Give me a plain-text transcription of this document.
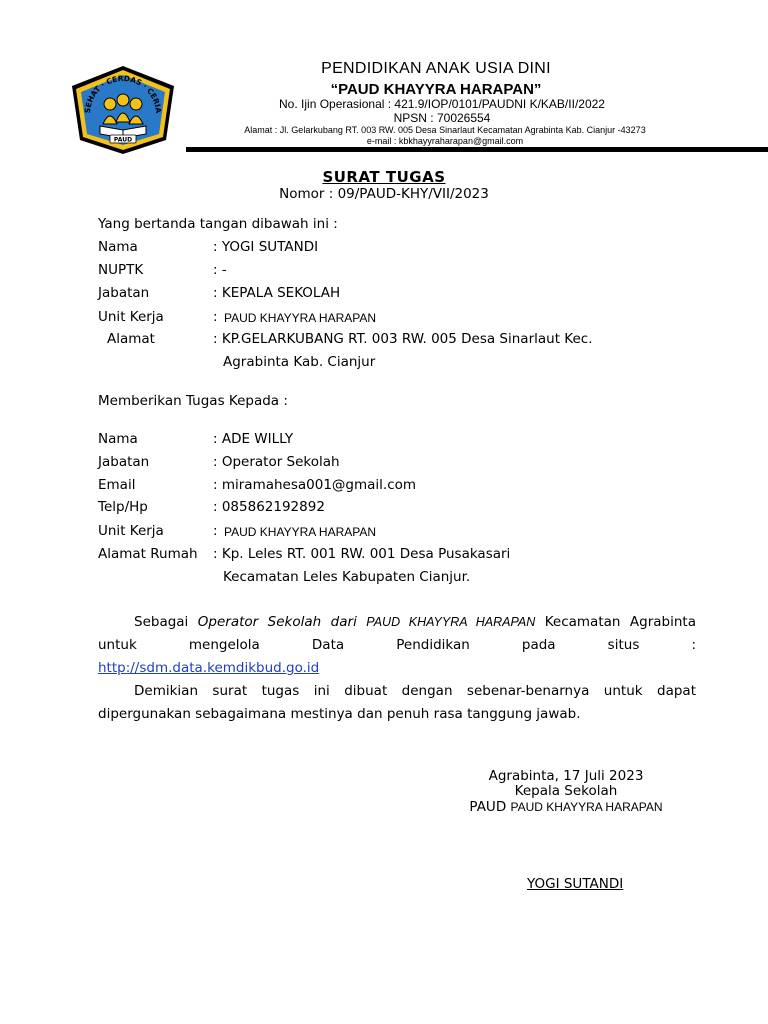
SEHAT · CERDAS · CERIA
PAUD
PENDIDIKAN ANAK USIA DINI
“PAUD KHAYYRA HARAPAN”
No. Ijin Operasional : 421.9/IOP/0101/PAUDNI K/KAB/II/2022
NPSN : 70026554
Alamat : Jl. Gelarkubang RT. 003 RW. 005 Desa Sinarlaut Kecamatan Agrabinta Kab. Cianjur -43273
e-mail : kbkhayyraharapan@gmail.com
SURAT TUGAS
Nomor : 09/PAUD-KHY/VII/2023
Yang bertanda tangan dibawah ini :
Nama	: YOGI SUTANDI
NUPTK	: -
Jabatan	: KEPALA SEKOLAH
Unit Kerja	: PAUD KHAYYRA HARAPAN
Alamat	: KP.GELARKUBANG RT. 003 RW. 005 Desa Sinarlaut Kec.
Agrabinta Kab. Cianjur
Memberikan Tugas Kepada :
Nama	: ADE WILLY
Jabatan	: Operator Sekolah
Email	: miramahesa001@gmail.com
Telp/Hp	: 085862192892
Unit Kerja	: PAUD KHAYYRA HARAPAN
Alamat Rumah : Kp. Leles RT. 001 RW. 001 Desa Pusakasari
Kecamatan Leles Kabupaten Cianjur.
Sebagai Operator Sekolah dari PAUD KHAYYRA HARAPAN Kecamatan Agrabinta untuk mengelola Data Pendidikan pada situs :
http://sdm.data.kemdikbud.go.id
Demikian surat tugas ini dibuat dengan sebenar-benarnya untuk dapat dipergunakan sebagaimana mestinya dan penuh rasa tanggung jawab.
Agrabinta, 17 Juli 2023
Kepala Sekolah
PAUD PAUD KHAYYRA HARAPAN
YOGI SUTANDI
